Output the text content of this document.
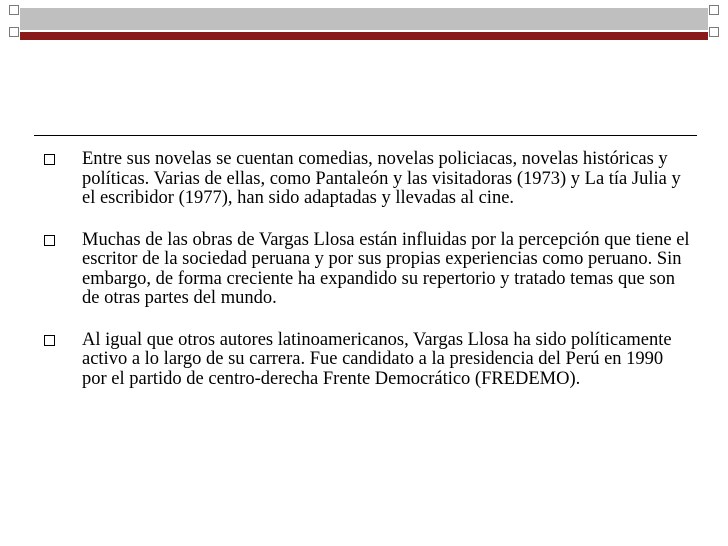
Entre sus novelas se cuentan comedias, novelas policiacas, novelas históricas y políticas. Varias de ellas, como Pantaleón y las visitadoras (1973) y La tía Julia y el escribidor (1977), han sido adaptadas y llevadas al cine.
Muchas de las obras de Vargas Llosa están influidas por la percepción que tiene el escritor de la sociedad peruana y por sus propias experiencias como peruano. Sin embargo, de forma creciente ha expandido su repertorio y tratado temas que son de otras partes del mundo.
Al igual que otros autores latinoamericanos, Vargas Llosa ha sido políticamente activo a lo largo de su carrera. Fue candidato a la presidencia del Perú en 1990 por el partido de centro-derecha Frente Democrático (FREDEMO).
